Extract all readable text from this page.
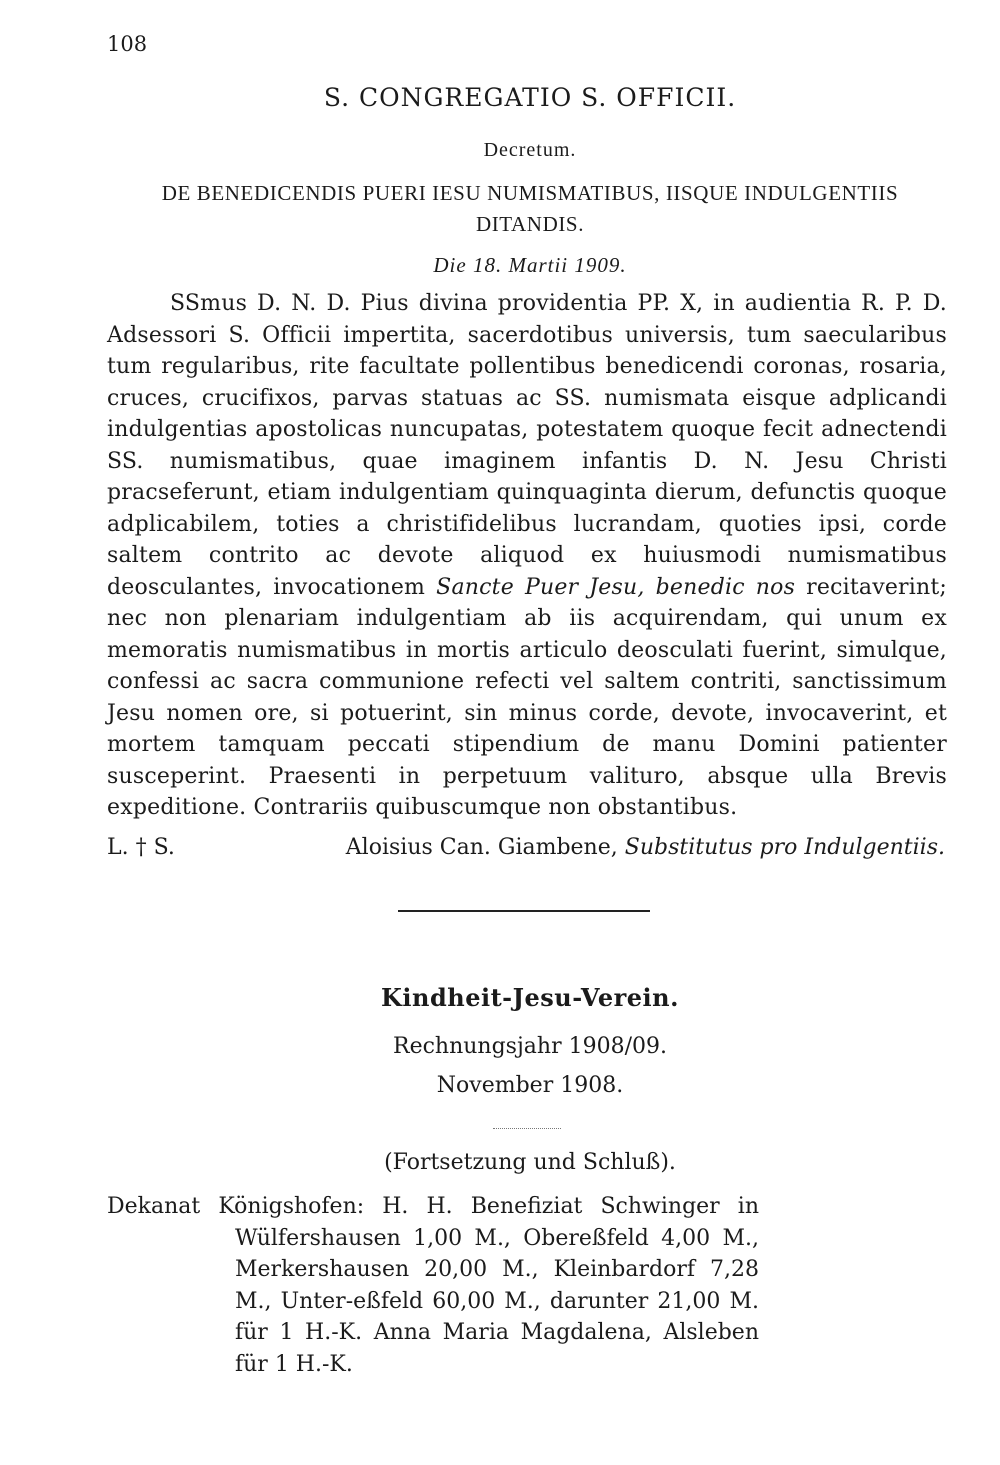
108
S. CONGREGATIO S. OFFICII.
Decretum.
DE BENEDICENDIS PUERI IESU NUMISMATIBUS, IISQUE INDULGENTIIS DITANDIS.
Die 18. Martii 1909.
SSmus D. N. D. Pius divina providentia PP. X, in audientia R. P. D. Adsessori S. Officii impertita, sacerdotibus universis, tum saecularibus tum regularibus, rite facultate pollentibus benedicendi coronas, rosaria, cruces, crucifixos, parvas statuas ac SS. numismata eisque adplicandi indulgentias apostolicas nuncupatas, potestatem quoque fecit adnectendi SS. numismatibus, quae imaginem infantis D. N. Jesu Christi pracseferunt, etiam indulgentiam quinquaginta dierum, defunctis quoque adplicabilem, toties a christifidelibus lucrandam, quoties ipsi, corde saltem contrito ac devote aliquod ex huiusmodi numismatibus deosculantes, invocationem Sancte Puer Jesu, benedic nos recitaverint; nec non plenariam indulgentiam ab iis acquirendam, qui unum ex memoratis numismatibus in mortis articulo deosculati fuerint, simulque, confessi ac sacra communione refecti vel saltem contriti, sanctissimum Jesu nomen ore, si potuerint, sin minus corde, devote, invocaverint, et mortem tamquam peccati stipendium de manu Domini patienter susceperint. Praesenti in perpetuum valituro, absque ulla Brevis expeditione. Contrariis quibuscumque non obstantibus.
L. † S.	Aloisius Can. Giambene, Substitutus pro Indulgentiis.
Kindheit-Jesu-Verein.
Rechnungsjahr 1908/09.
November 1908.
(Fortsetzung und Schluß).
Dekanat Königshofen: H. H. Benefiziat Schwinger in Wülfershausen 1,00 M., Obereßfeld 4,00 M., Merkershausen 20,00 M., Kleinbardorf 7,28 M., Unter-eßfeld 60,00 M., darunter 21,00 M. für 1 H.-K. Anna Maria Magdalena, Alsleben für 1 H.-K.
